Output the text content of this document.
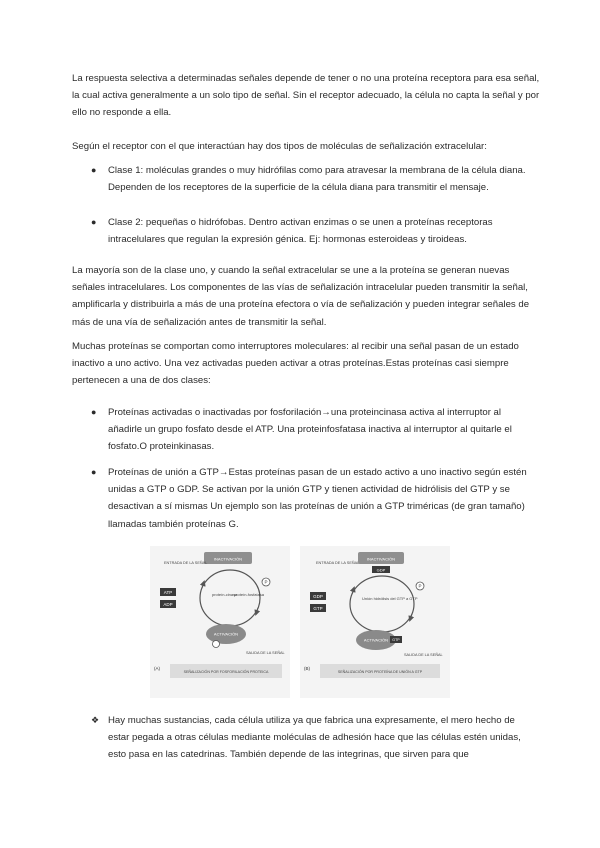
La respuesta selectiva a determinadas señales depende de tener o no una proteína receptora para esa señal, la cual activa generalmente a un solo tipo de señal. Sin el receptor adecuado, la célula no capta la señal y por ello no responde a ella.

Según el receptor con el que interactúan hay dos tipos de moléculas de señalización extracelular:

● Clase 1: moléculas grandes o muy hidrófilas como para atravesar la membrana de la célula diana. Dependen de los receptores de la superficie de la célula diana para transmitir el mensaje.
● Clase 2: pequeñas o hidrófobas. Dentro activan enzimas o se unen a proteínas receptoras intracelulares que regulan la expresión génica. Ej: hormonas esteroideas y tiroideas.

La mayoría son de la clase uno, y cuando la señal extracelular se une a la proteína se generan nuevas señales intracelulares. Los componentes de las vías de señalización intracelular pueden transmitir la señal, amplificarla y distribuirla a más de una proteína efectora o vía de señalización y pueden integrar señales de más de una vía de señalización antes de transmitir la señal.

Muchas proteínas se comportan como interruptores moleculares: al recibir una señal pasan de un estado inactivo a uno activo. Una vez activadas pueden activar a otras proteínas.Estas proteínas casi siempre pertenecen a una de dos clases:

● Proteínas activadas o inactivadas por fosforilación→una proteincinasa activa al interruptor al añadirle un grupo fosfato desde el ATP. Una proteinfosfatasa inactiva al interruptor al quitarle el fosfato.O proteinkinasas.
● Proteínas de unión a GTP→Estas proteínas pasan de un estado activo a uno inactivo según estén unidas a GTP o GDP. Se activan por la unión GTP y tienen actividad de hidrólisis del GTP y se desactivan a sí mismas Un ejemplo son las proteínas de unión a GTP triméricas (de gran tamaño) llamadas también proteínas G.
INACTIVACIÓN
ENTRADA DE LA SEÑAL
P
proteín-cinasa
proteín-fosfatasa
ATP
ADP
ACTIVACIÓN
SALIDA DE LA SEÑAL
(A)
SEÑALIZACIÓN POR FOSFORILACIÓN PROTEICA
INACTIVACIÓN
GDP
ENTRADA DE LA SEÑAL
P
Unión hidrólisis del GTP a GTP
GDP
GTP
ACTIVACIÓN GTP
SALIDA DE LA SEÑAL
(B)
SEÑALIZACIÓN POR PROTEÍNA DE UNIÓN A GTP
❖ Hay muchas sustancias, cada célula utiliza ya que fabrica una expresamente, el mero hecho de estar pegada a otras células mediante moléculas de adhesión hace que las células estén unidas, esto pasa en las catedrinas. También depende de las integrinas, que sirven para que
